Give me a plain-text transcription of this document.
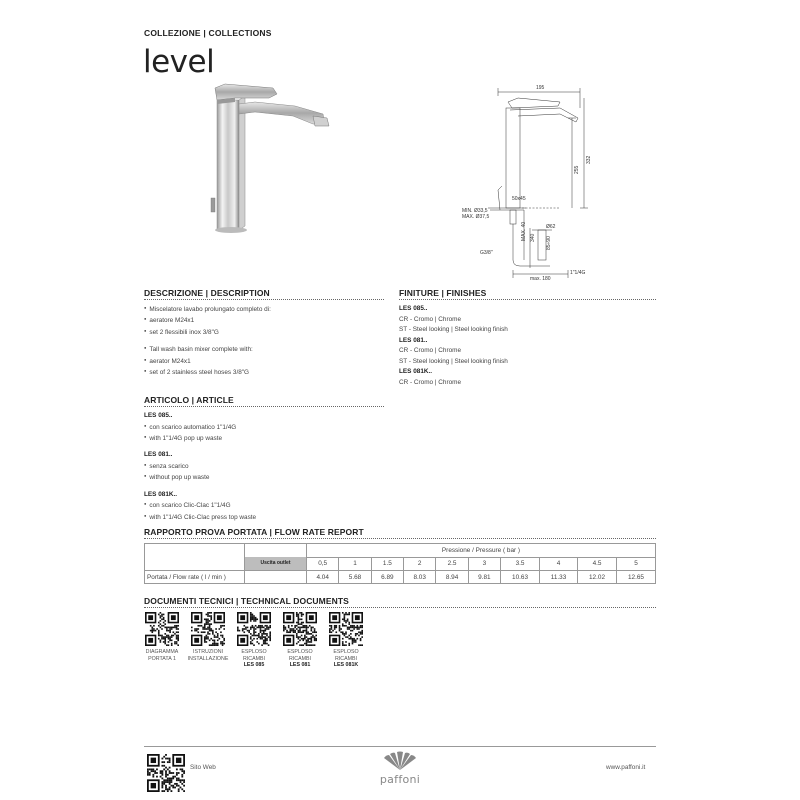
COLLEZIONE | COLLECTIONS
level
195
332
255
50x45
MIN. Ø33,5
MAX. Ø37,5
MAX. 40 340
G3/8"
Ø62
85÷90
max. 180
1"1/4G
DESCRIZIONE | DESCRIPTION
● Miscelatore lavabo prolungato completo di:
● aeratore M24x1
● set 2 flessibili inox 3/8"G
● Tall wash basin mixer complete with:
● aerator M24x1
● set of 2 stainless steel hoses 3/8"G
FINITURE | FINISHES
LES 085..
CR - Cromo | Chrome
ST - Steel looking | Steel looking finish
LES 081..
CR - Cromo | Chrome
ST - Steel looking | Steel looking finish
LES 081K..
CR - Cromo | Chrome
ARTICOLO | ARTICLE
LES 085..
● con scarico automatico 1"1/4G
● with 1"1/4G pop up waste
LES 081..
● senza scarico
● without pop up waste
LES 081K..
● con scarico Clic-Clac 1"1/4G
● with 1"1/4G Clic-Clac press top waste
RAPPORTO PROVA PORTATA | FLOW RATE REPORT

	Uscita outlet	Pressione / Pressure ( bar )									
		0,5	1	1.5	2	2.5	3	3.5	4	4.5	5
Portata / Flow rate ( l / min )		4.04	5.68	6.89	8.03	8.94	9.81	10.63	11.33	12.02	12.65
DOCUMENTI TECNICI | TECHNICAL DOCUMENTS
DIAGRAMMA
PORTATA 1
ISTRUZIONI
INSTALLAZIONE
ESPLOSO
RICAMBI
LES 085
ESPLOSO
RICAMBI
LES 081
ESPLOSO
RICAMBI
LES 081K
Sito Web
paffoni
www.paffoni.it
